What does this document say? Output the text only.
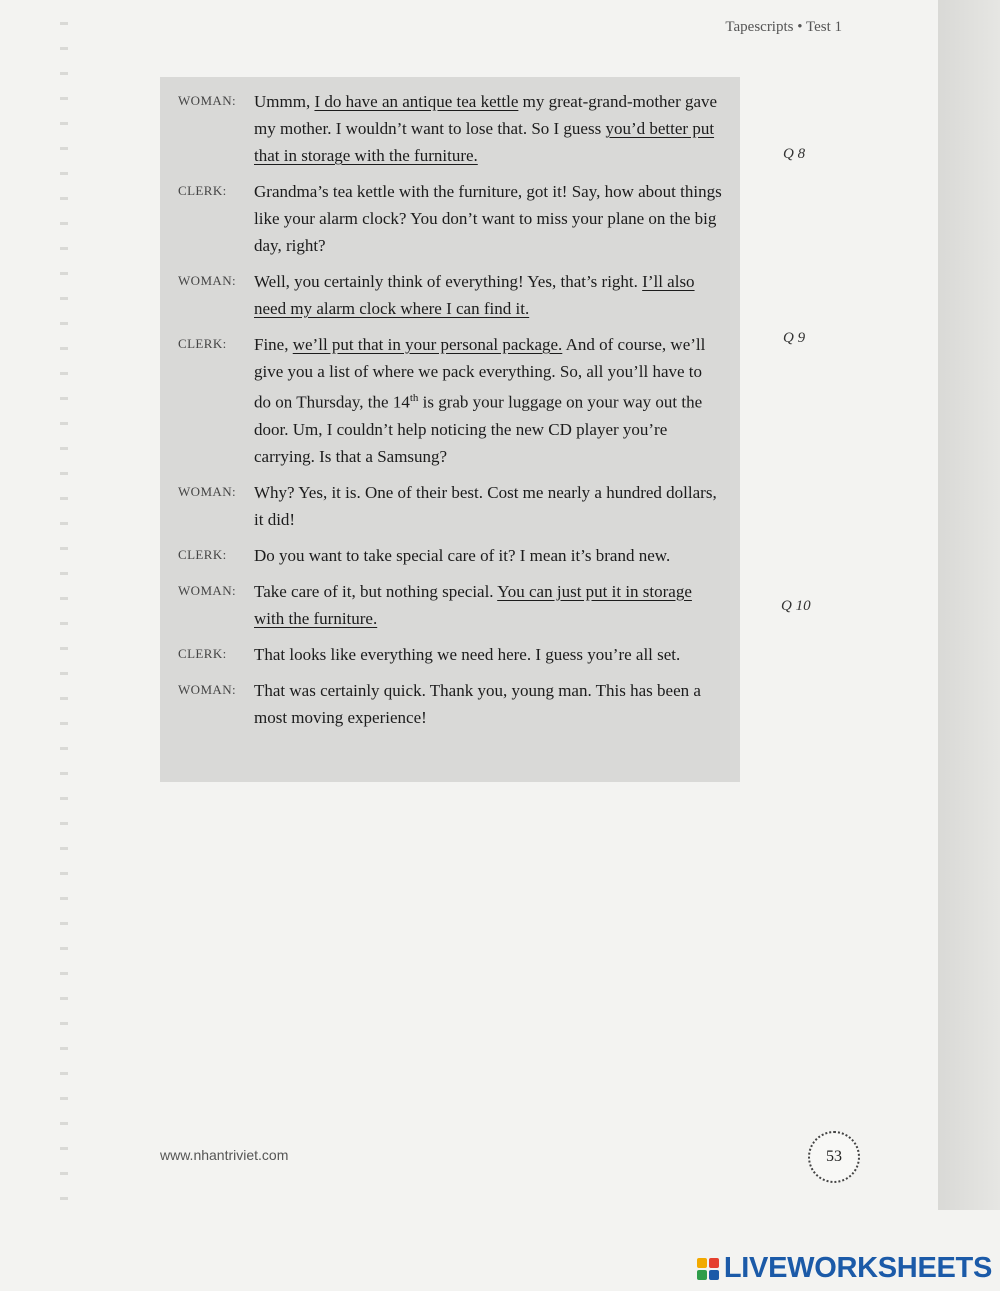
Tapescripts • Test 1
WOMAN:	Ummm, I do have an antique tea kettle my great-grand-mother gave my mother. I wouldn’t want to lose that. So I guess you’d better put that in storage with the furniture.
CLERK:	Grandma’s tea kettle with the furniture, got it! Say, how about things like your alarm clock? You don’t want to miss your plane on the big day, right?
WOMAN:	Well, you certainly think of everything! Yes, that’s right. I’ll also need my alarm clock where I can find it.
CLERK:	Fine, we’ll put that in your personal package. And of course, we’ll give you a list of where we pack everything. So, all you’ll have to do on Thursday, the 14th is grab your luggage on your way out the door. Um, I couldn’t help noticing the new CD player you’re carrying. Is that a Samsung?
WOMAN:	Why? Yes, it is. One of their best. Cost me nearly a hundred dollars, it did!
CLERK:	Do you want to take special care of it? I mean it’s brand new.
WOMAN:	Take care of it, but nothing special. You can just put it in storage with the furniture.
CLERK:	That looks like everything we need here. I guess you’re all set.
WOMAN:	That was certainly quick. Thank you, young man. This has been a most moving experience!
Q 8
Q 9
Q 10
www.nhantriviet.com	53
LIVEWORKSHEETS
